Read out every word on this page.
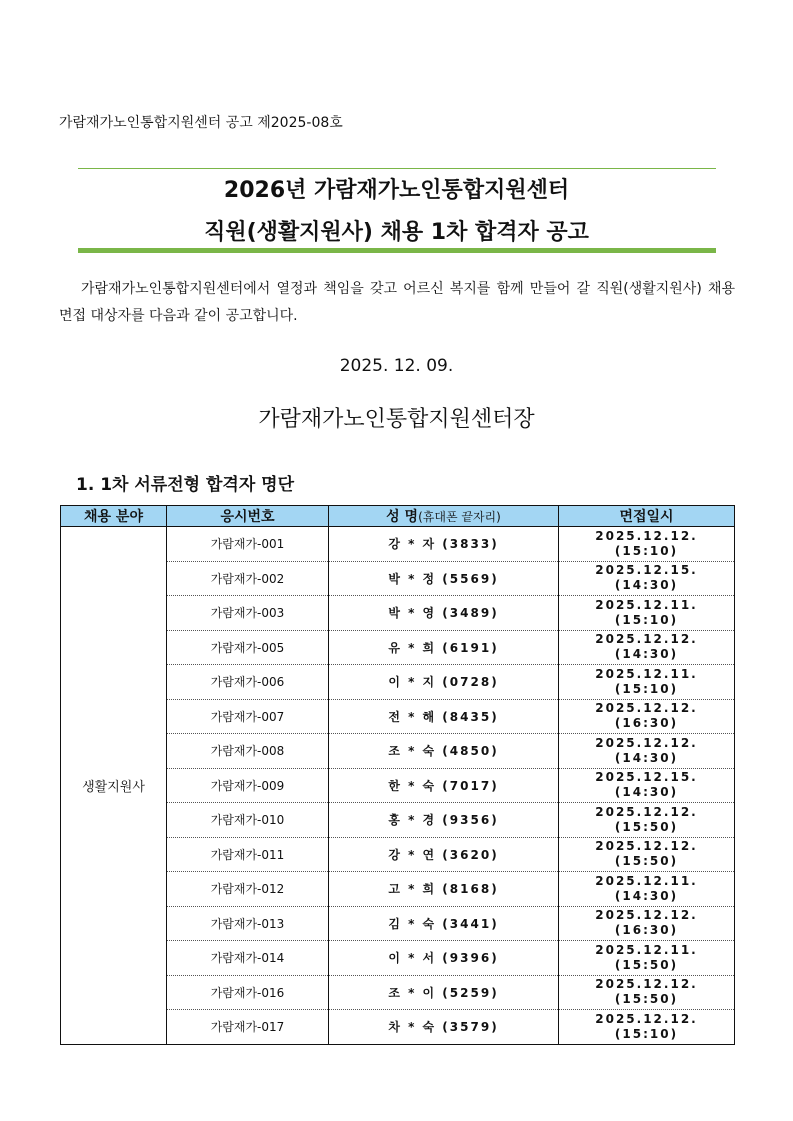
가람재가노인통합지원센터 공고 제2025-08호
2026년 가람재가노인통합지원센터
직원(생활지원사) 채용 1차 합격자 공고
가람재가노인통합지원센터에서 열정과 책임을 갖고 어르신 복지를 함께 만들어 갈 직원(생활지원사) 채용 면접 대상자를 다음과 같이 공고합니다.
2025. 12. 09.
가람재가노인통합지원센터장
1. 1차 서류전형 합격자 명단
채용 분야	응시번호	성 명(휴대폰 끝자리)	면접일시
생활지원사	가람재가-001	강 * 자 (3833)	2025.12.12.
(15:10)

	가람재가-002	박 * 정 (5569)	2025.12.15.
(14:30)

	가람재가-003	박 * 영 (3489)	2025.12.11.
(15:10)

	가람재가-005	유 * 희 (6191)	2025.12.12.
(14:30)

	가람재가-006	이 * 지 (0728)	2025.12.11.
(15:10)

	가람재가-007	전 * 해 (8435)	2025.12.12.
(16:30)

	가람재가-008	조 * 숙 (4850)	2025.12.12.
(14:30)

	가람재가-009	한 * 숙 (7017)	2025.12.15.
(14:30)

	가람재가-010	홍 * 경 (9356)	2025.12.12.
(15:50)

	가람재가-011	강 * 연 (3620)	2025.12.12.
(15:50)

	가람재가-012	고 * 희 (8168)	2025.12.11.
(14:30)

	가람재가-013	김 * 숙 (3441)	2025.12.12.
(16:30)

	가람재가-014	이 * 서 (9396)	2025.12.11.
(15:50)

	가람재가-016	조 * 이 (5259)	2025.12.12.
(15:50)

	가람재가-017	차 * 숙 (3579)	2025.12.12.
(15:10)
